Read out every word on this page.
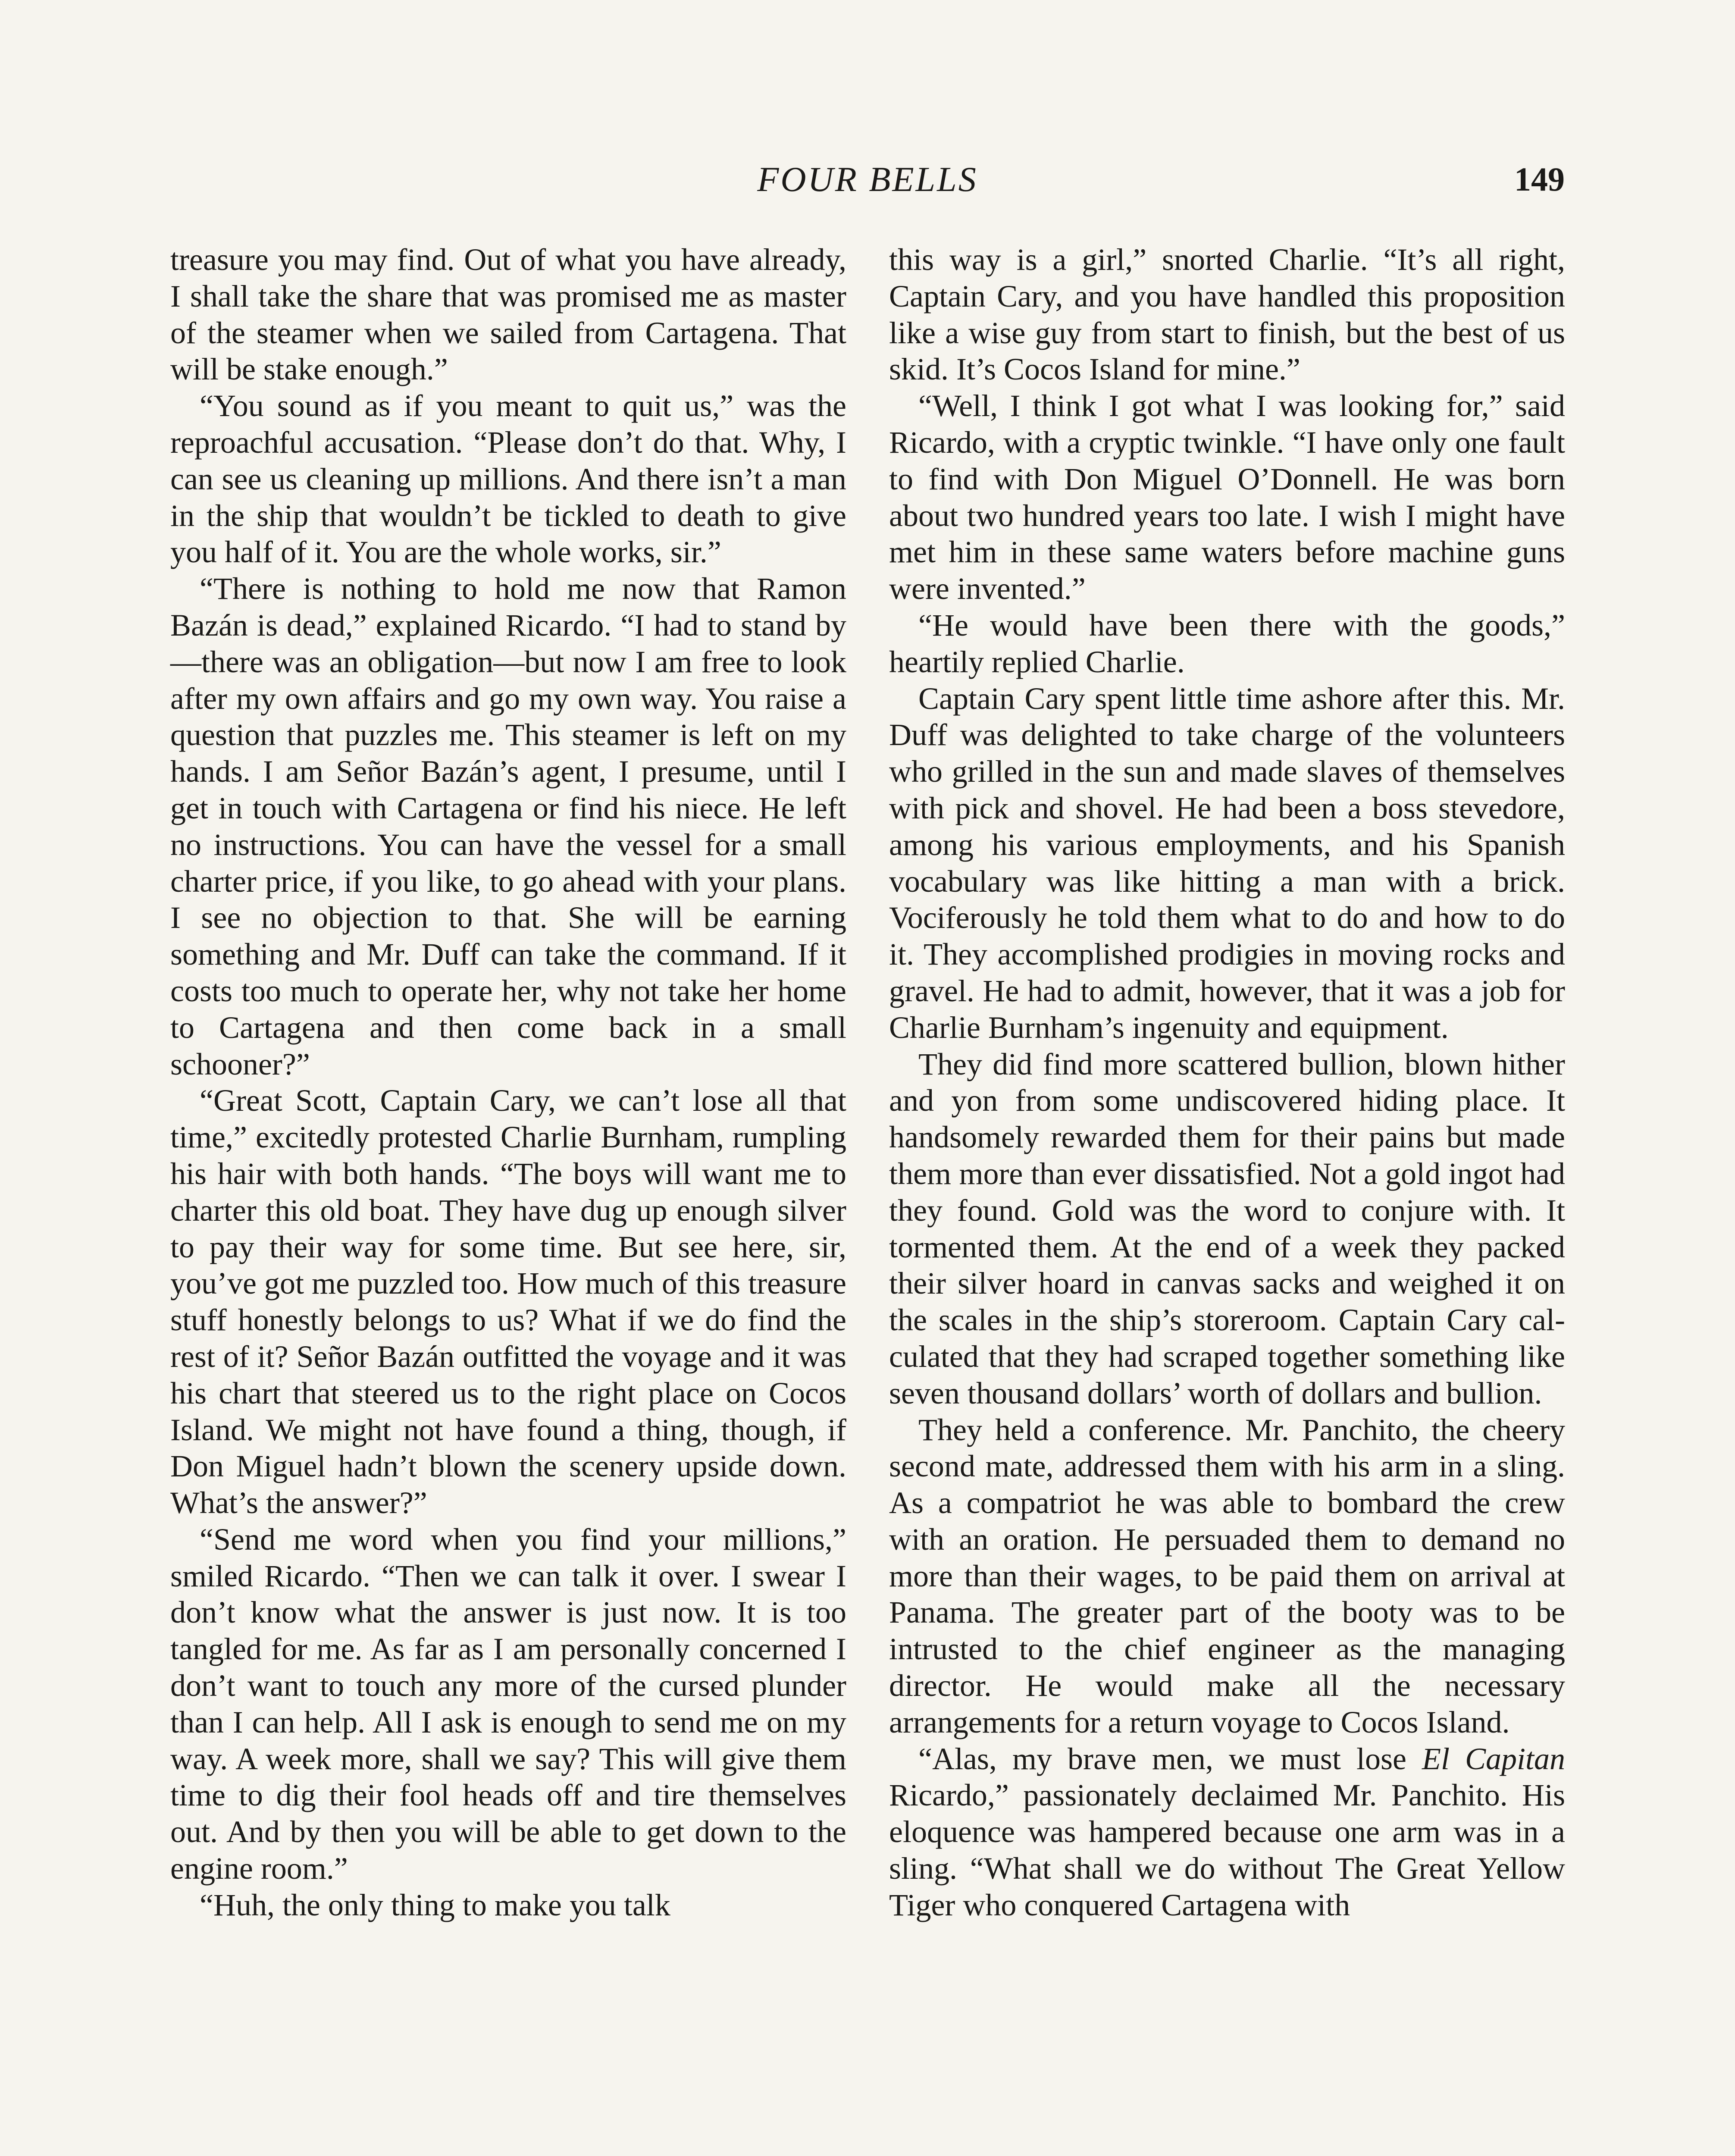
FOUR BELLS	149

treasure you may find. Out of what you have already, I shall take the share that was promised me as master of the steamer when we sailed from Cartagena. That will be stake enough.”

“You sound as if you meant to quit us,” was the reproachful accusation. “Please don’t do that. Why, I can see us cleaning up millions. And there isn’t a man in the ship that wouldn’t be tickled to death to give you half of it. You are the whole works, sir.”

“There is nothing to hold me now that Ramon Bazán is dead,” explained Ricardo. “I had to stand by—there was an obligation—but now I am free to look after my own affairs and go my own way. You raise a question that puzzles me. This steamer is left on my hands. I am Señor Bazán’s agent, I presume, until I get in touch with Cartagena or find his niece. He left no instructions. You can have the vessel for a small charter price, if you like, to go ahead with your plans. I see no objection to that. She will be earning something and Mr. Duff can take the command. If it costs too much to operate her, why not take her home to Cartagena and then come back in a small schooner?”

“Great Scott, Captain Cary, we can’t lose all that time,” excitedly protested Charlie Burnham, rumpling his hair with both hands. “The boys will want me to charter this old boat. They have dug up enough silver to pay their way for some time. But see here, sir, you’ve got me puzzled too. How much of this treasure stuff honestly belongs to us? What if we do find the rest of it? Señor Bazán outfitted the voyage and it was his chart that steered us to the right place on Cocos Island. We might not have found a thing, though, if Don Miguel hadn’t blown the scenery upside down. What’s the answer?”

“Send me word when you find your millions,” smiled Ricardo. “Then we can talk it over. I swear I don’t know what the answer is just now. It is too tangled for me. As far as I am personally concerned I don’t want to touch any more of the cursed plunder than I can help. All I ask is enough to send me on my way. A week more, shall we say? This will give them time to dig their fool heads off and tire themselves out. And by then you will be able to get down to the engine room.”

“Huh, the only thing to make you talk

this way is a girl,” snorted Charlie. “It’s all right, Captain Cary, and you have handled this proposition like a wise guy from start to finish, but the best of us skid. It’s Cocos Island for mine.”

“Well, I think I got what I was looking for,” said Ricardo, with a cryptic twinkle. “I have only one fault to find with Don Miguel O’Donnell. He was born about two hundred years too late. I wish I might have met him in these same waters before machine guns were invented.”

“He would have been there with the goods,” heartily replied Charlie.

Captain Cary spent little time ashore after this. Mr. Duff was delighted to take charge of the volunteers who grilled in the sun and made slaves of themselves with pick and shovel. He had been a boss stevedore, among his various employments, and his Spanish vocabulary was like hitting a man with a brick. Vociferously he told them what to do and how to do it. They accomplished prodigies in moving rocks and gravel. He had to admit, however, that it was a job for Charlie Burnham’s ingenuity and equipment.

They did find more scattered bullion, blown hither and yon from some undiscovered hiding place. It handsomely rewarded them for their pains but made them more than ever dissatisfied. Not a gold ingot had they found. Gold was the word to conjure with. It tormented them. At the end of a week they packed their silver hoard in canvas sacks and weighed it on the scales in the ship’s storeroom. Captain Cary calculated that they had scraped together something like seven thousand dollars’ worth of dollars and bullion.

They held a conference. Mr. Panchito, the cheery second mate, addressed them with his arm in a sling. As a compatriot he was able to bombard the crew with an oration. He persuaded them to demand no more than their wages, to be paid them on arrival at Panama. The greater part of the booty was to be intrusted to the chief engineer as the managing director. He would make all the necessary arrangements for a return voyage to Cocos Island.

“Alas, my brave men, we must lose El Capitan Ricardo,” passionately declaimed Mr. Panchito. His eloquence was hampered because one arm was in a sling. “What shall we do without The Great Yellow Tiger who conquered Cartagena with
